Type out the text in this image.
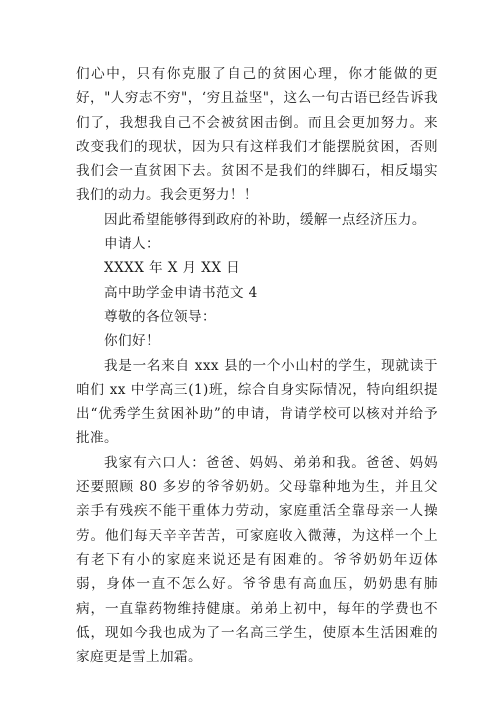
们心中，只有你克服了自己的贫困心理，你才能做的更好，"人穷志不穷"，‘穷且益坚"，这么一句古语已经告诉我们了，我想我自己不会被贫困击倒。而且会更加努力。来改变我们的现状，因为只有这样我们才能摆脱贫困，否则我们会一直贫困下去。贫困不是我们的绊脚石，相反塌实我们的动力。我会更努力！！

因此希望能够得到政府的补助，缓解一点经济压力。

申请人：

XXXX 年 X 月 XX 日

高中助学金申请书范文 4

尊敬的各位领导：

你们好！

我是一名来自 xxx 县的一个小山村的学生，现就读于咱们 xx 中学高三(1)班，综合自身实际情况，特向组织提出“优秀学生贫困补助”的申请，肯请学校可以核对并给予批准。

我家有六口人：爸爸、妈妈、弟弟和我。爸爸、妈妈还要照顾 80 多岁的爷爷奶奶。父母靠种地为生，并且父亲手有残疾不能干重体力劳动，家庭重活全靠母亲一人操劳。他们每天辛辛苦苦，可家庭收入微薄，为这样一个上有老下有小的家庭来说还是有困难的。爷爷奶奶年迈体弱，身体一直不怎么好。爷爷患有高血压，奶奶患有肺病，一直靠药物维持健康。弟弟上初中，每年的学费也不低，现如今我也成为了一名高三学生，使原本生活困难的家庭更是雪上加霜。
